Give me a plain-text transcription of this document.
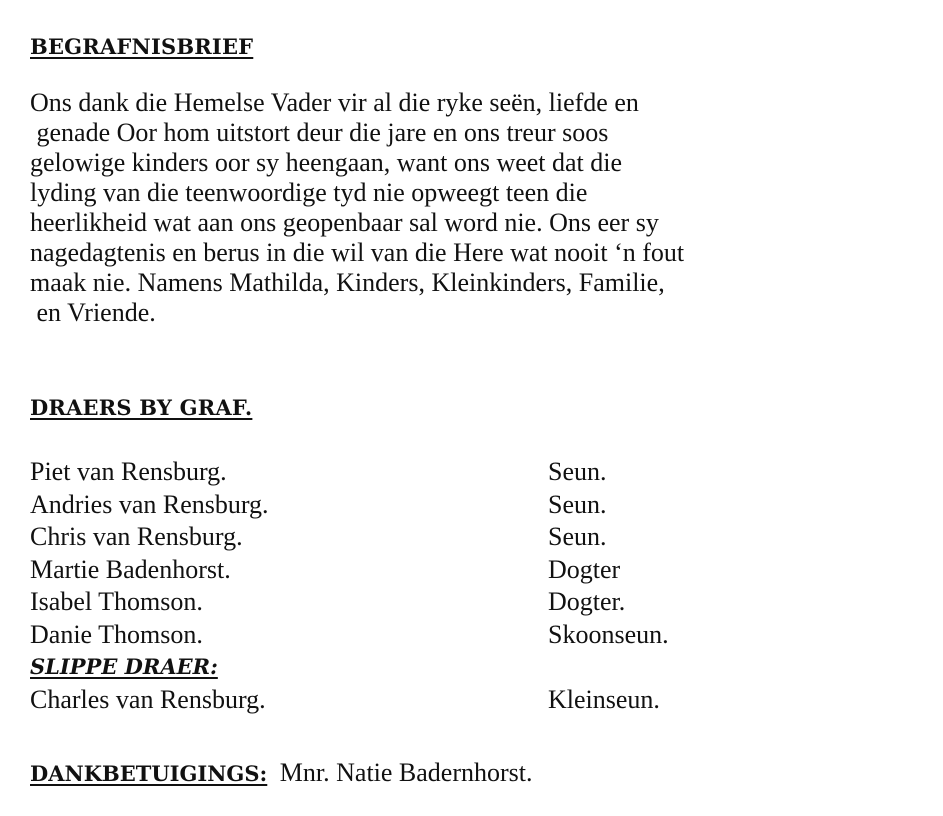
BEGRAFNISBRIEF
Ons dank die Hemelse Vader vir al die ryke seën, liefde en
genade Oor hom uitstort deur die jare en ons treur soos
gelowige kinders oor sy heengaan, want ons weet dat die
lyding van die teenwoordige tyd nie opweegt teen die
heerlikheid wat aan ons geopenbaar sal word nie. Ons eer sy
nagedagtenis en berus in die wil van die Here wat nooit ‘n fout
maak nie. Namens Mathilda, Kinders, Kleinkinders, Familie,
en Vriende.
DRAERS BY GRAF.
Piet van Rensburg.	Seun.
Andries van Rensburg.	Seun.
Chris van Rensburg.	Seun.
Martie Badenhorst.	Dogter
Isabel Thomson.	Dogter.
Danie Thomson.	Skoonseun.
SLIPPE DRAER:
Charles van Rensburg.	Kleinseun.
DANKBETUIGINGS: Mnr. Natie Badernhorst.
